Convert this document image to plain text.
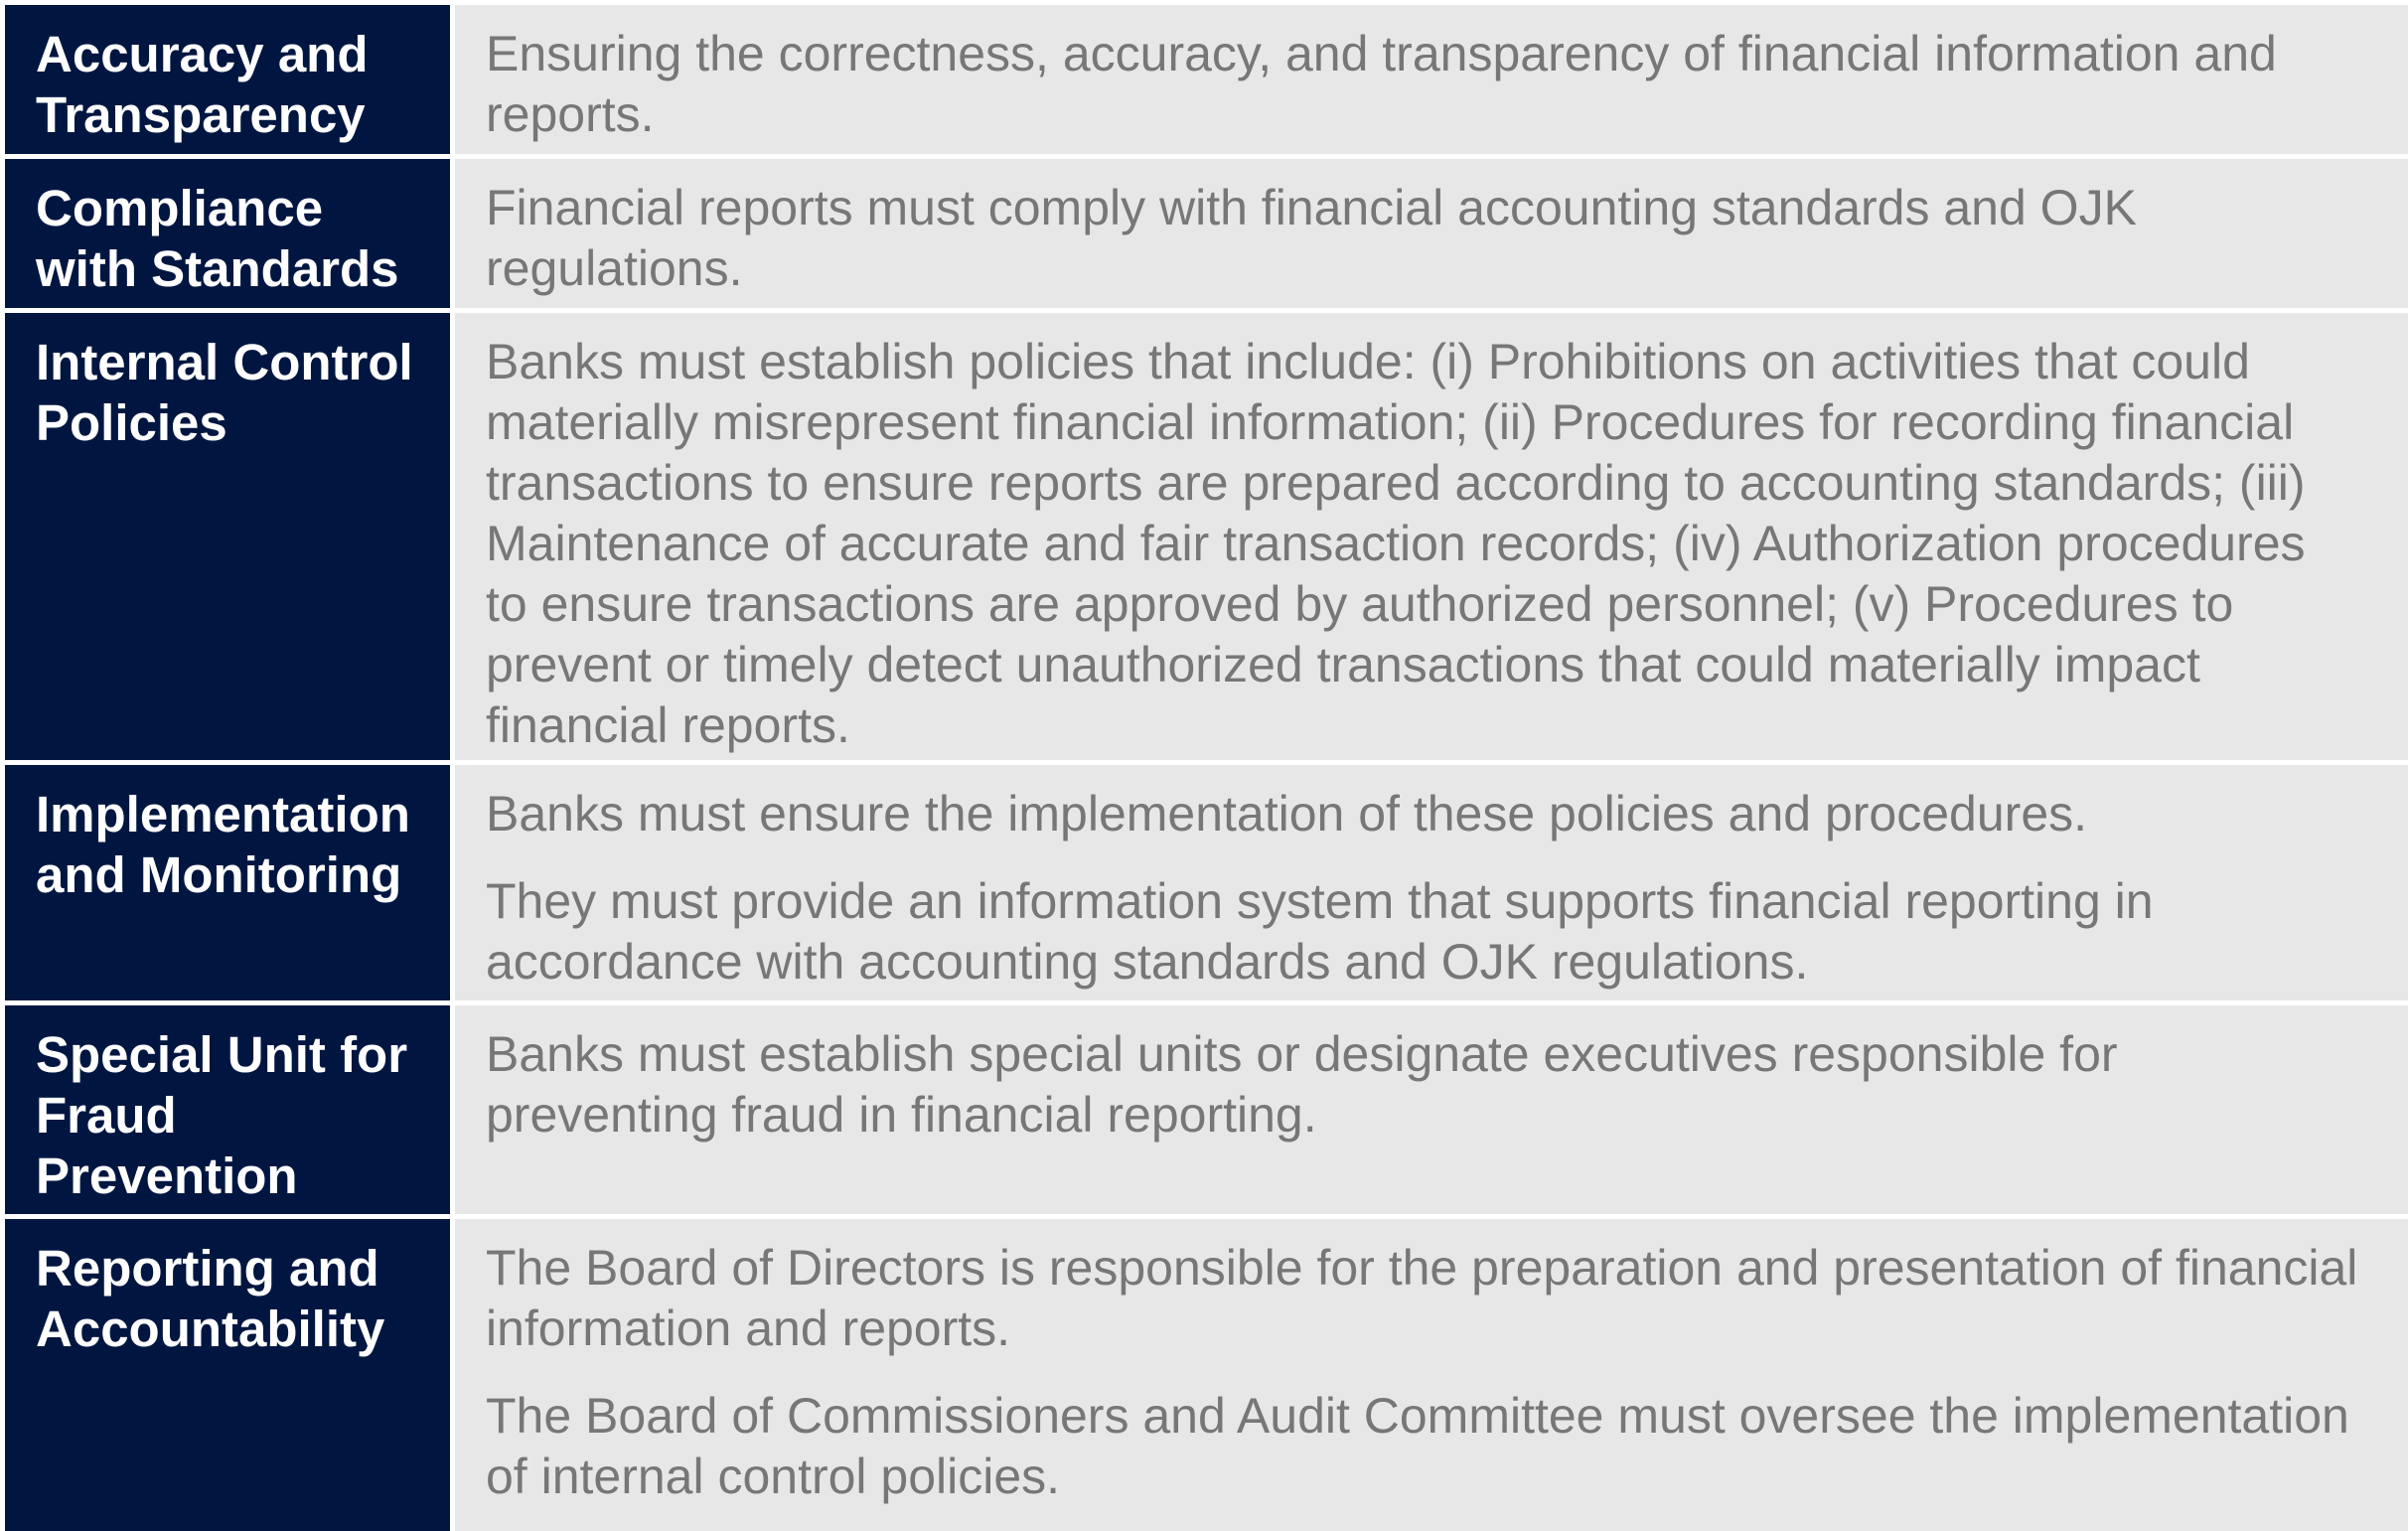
Accuracy and
Transparency

Ensuring the correctness, accuracy, and transparency of financial information and
reports.

Compliance
with Standards

Financial reports must comply with financial accounting standards and OJK
regulations.

Internal Control
Policies

Banks must establish policies that include: (i) Prohibitions on activities that could
materially misrepresent financial information; (ii) Procedures for recording financial
transactions to ensure reports are prepared according to accounting standards; (iii)
Maintenance of accurate and fair transaction records; (iv) Authorization procedures
to ensure transactions are approved by authorized personnel; (v) Procedures to
prevent or timely detect unauthorized transactions that could materially impact
financial reports.

Implementation
and Monitoring

Banks must ensure the implementation of these policies and procedures.

They must provide an information system that supports financial reporting in
accordance with accounting standards and OJK regulations.

Special Unit for
Fraud
Prevention

Banks must establish special units or designate executives responsible for
preventing fraud in financial reporting.

Reporting and
Accountability

The Board of Directors is responsible for the preparation and presentation of financial
information and reports.

The Board of Commissioners and Audit Committee must oversee the implementation
of internal control policies.
